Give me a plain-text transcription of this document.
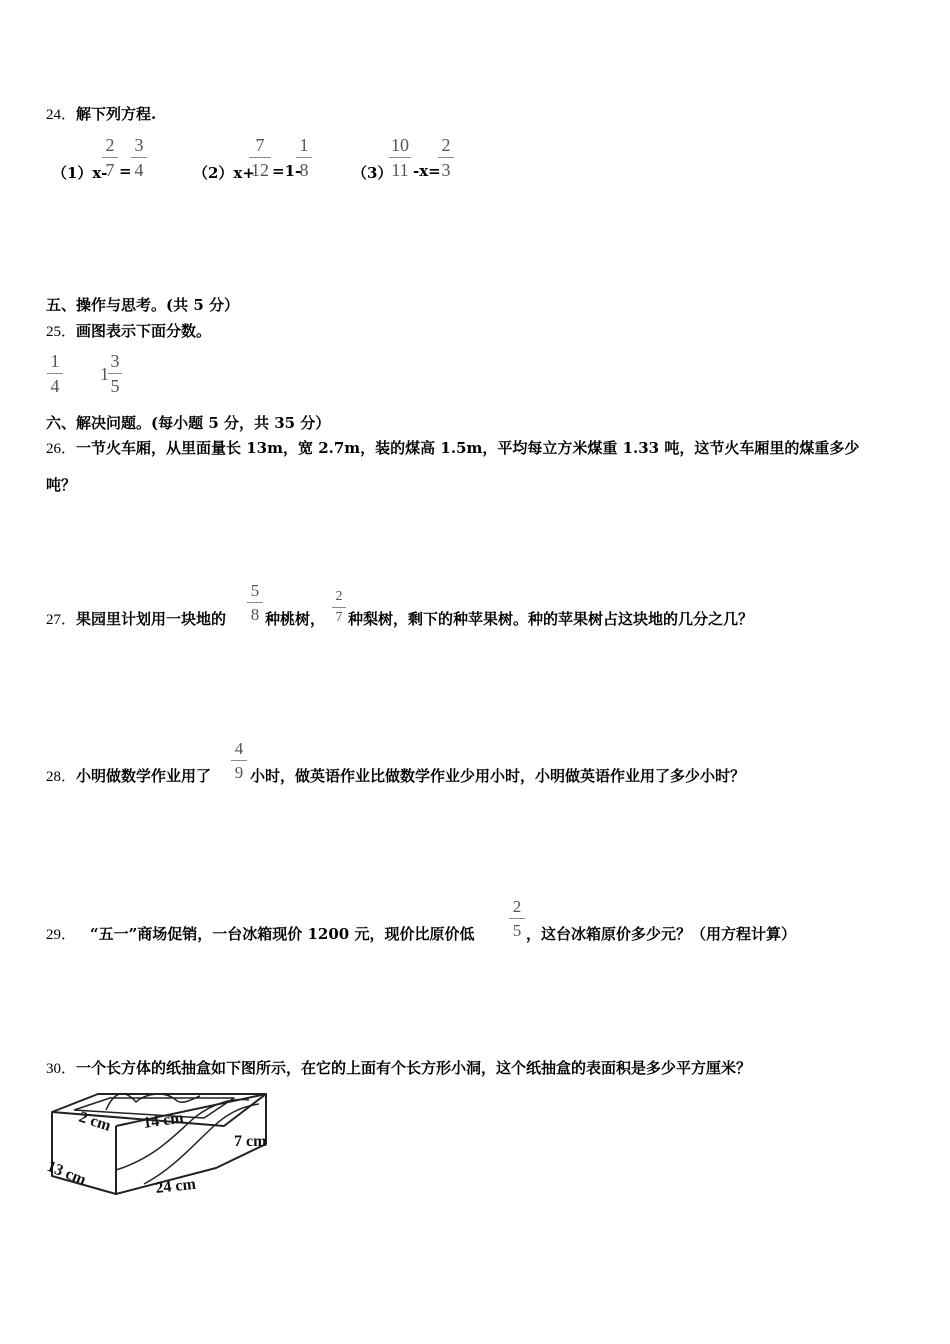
24．解下列方程.
（1）x-
2
7 =
3
4	（2）x+
7
12 =1-
1
8	（3）
10
11 -x=
2
3
五、操作与思考。(共 5 分）
25．画图表示下面分数。
1
4
1
3
5
六、解决问题。(每小题 5 分，共 35 分）
26．一节火车厢，从里面量长 13m，宽 2.7m，装的煤高 1.5m，平均每立方米煤重 1.33 吨，这节火车厢里的煤重多少
吨？
27．果园里计划用一块地的
5
8 种桃树，
2
7 种梨树，剩下的种苹果树。种的苹果树占这块地的几分之几？
28．小明做数学作业用了
4
9 小时，做英语作业比做数学作业少用小时，小明做英语作业用了多少小时？
29． “五一”商场促销，一台冰箱现价 1200 元，现价比原价低
2
5 ，这台冰箱原价多少元？（用方程计算）
30．一个长方体的纸抽盒如下图所示，在它的上面有个长方形小洞，这个纸抽盒的表面积是多少平方厘米？
2 cm 14 cm
7 cm
13 cm	24 cm
